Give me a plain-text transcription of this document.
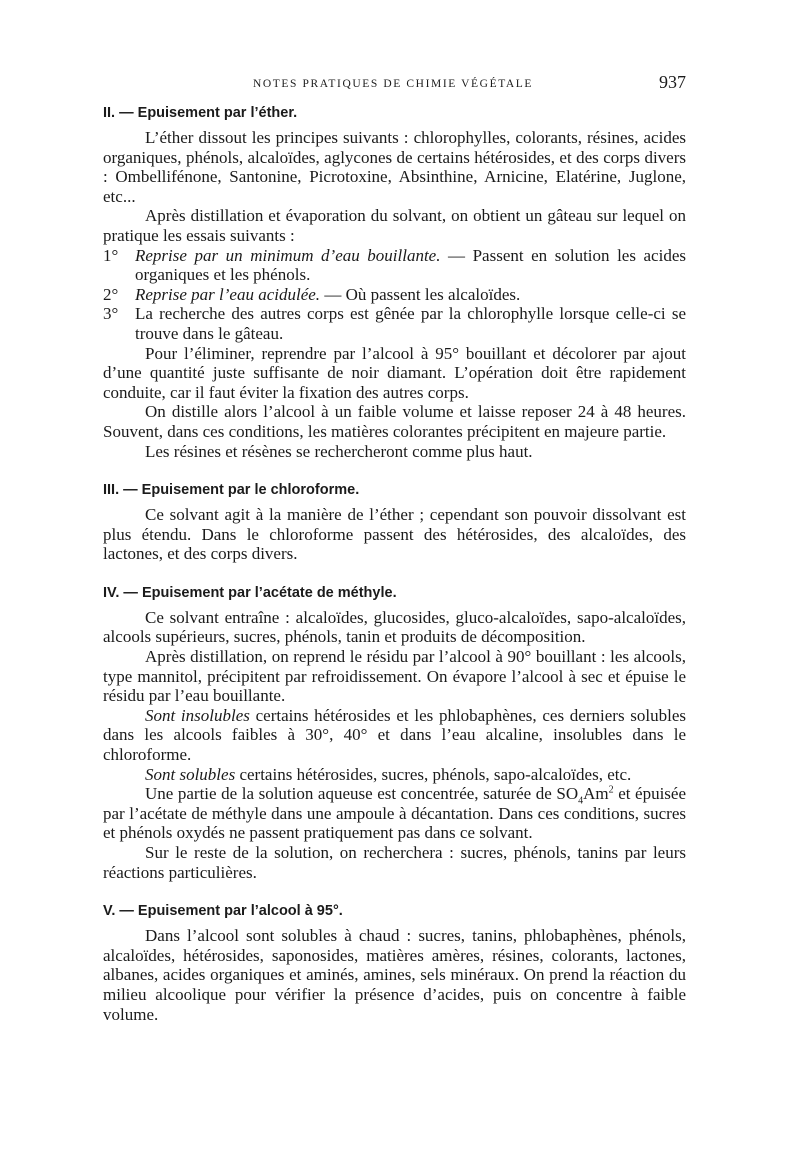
NOTES PRATIQUES DE CHIMIE VÉGÉTALE	937
II. — Epuisement par l’éther.

L’éther dissout les principes suivants : chlorophylles, colorants, résines, acides organiques, phénols, alcaloïdes, aglycones de certains hétérosides, et des corps divers : Ombellifénone, Santonine, Picrotoxine, Absinthine, Arnicine, Elatérine, Juglone, etc...

Après distillation et évaporation du solvant, on obtient un gâteau sur lequel on pratique les essais suivants :

1° Reprise par un minimum d’eau bouillante. — Passent en solution les acides organiques et les phénols.
2° Reprise par l’eau acidulée. — Où passent les alcaloïdes.
3° La recherche des autres corps est gênée par la chlorophylle lorsque celle-ci se trouve dans le gâteau.

Pour l’éliminer, reprendre par l’alcool à 95° bouillant et décolorer par ajout d’une quantité juste suffisante de noir diamant. L’opération doit être rapidement conduite, car il faut éviter la fixation des autres corps.

On distille alors l’alcool à un faible volume et laisse reposer 24 à 48 heures. Souvent, dans ces conditions, les matières colorantes précipitent en majeure partie.

Les résines et résènes se rechercheront comme plus haut.

III. — Epuisement par le chloroforme.

Ce solvant agit à la manière de l’éther ; cependant son pouvoir dissolvant est plus étendu. Dans le chloroforme passent des hétérosides, des alcaloïdes, des lactones, et des corps divers.

IV. — Epuisement par l’acétate de méthyle.

Ce solvant entraîne : alcaloïdes, glucosides, gluco-alcaloïdes, sapo-alcaloïdes, alcools supérieurs, sucres, phénols, tanin et produits de décomposition.

Après distillation, on reprend le résidu par l’alcool à 90° bouillant : les alcools, type mannitol, précipitent par refroidissement. On évapore l’alcool à sec et épuise le résidu par l’eau bouillante.

Sont insolubles certains hétérosides et les phlobaphènes, ces derniers solubles dans les alcools faibles à 30°, 40° et dans l’eau alcaline, insolubles dans le chloroforme.

Sont solubles certains hétérosides, sucres, phénols, sapo-alcaloïdes, etc.

Une partie de la solution aqueuse est concentrée, saturée de $SO_4Am^2$ et épuisée par l’acétate de méthyle dans une ampoule à décantation. Dans ces conditions, sucres et phénols oxydés ne passent pratiquement pas dans ce solvant.

Sur le reste de la solution, on recherchera : sucres, phénols, tanins par leurs réactions particulières.

V. — Epuisement par l’alcool à 95°.

Dans l’alcool sont solubles à chaud : sucres, tanins, phlobaphènes, phénols, alcaloïdes, hétérosides, saponosides, matières amères, résines, colorants, lactones, albanes, acides organiques et aminés, amines, sels minéraux. On prend la réaction du milieu alcoolique pour vérifier la présence d’acides, puis on concentre à faible volume.
